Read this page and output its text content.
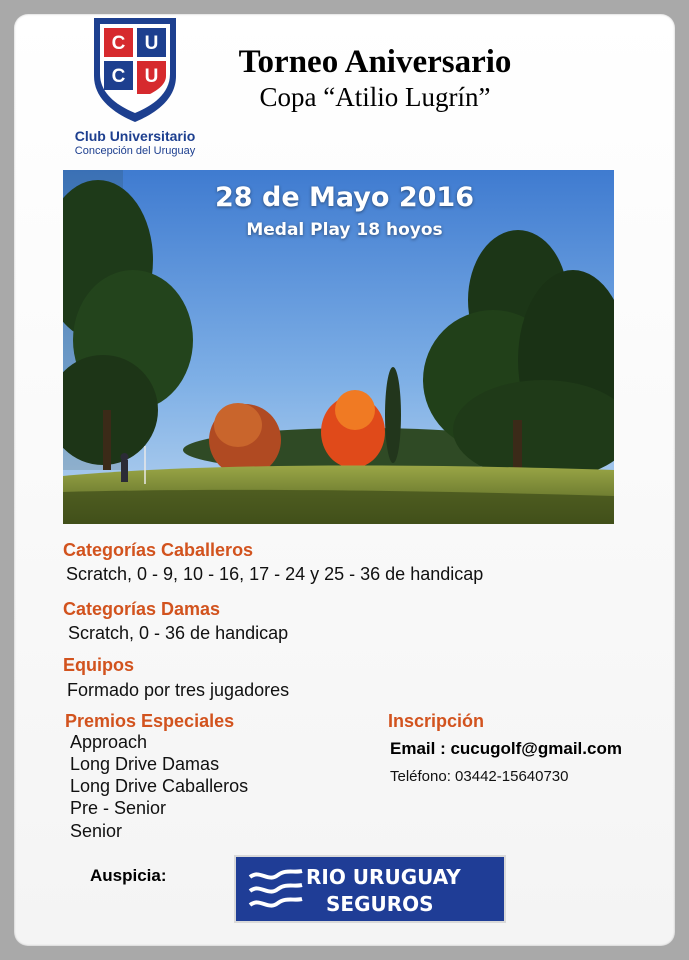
C U
C U
Club Universitario
Concepción del Uruguay
Torneo Aniversario
Copa “Atilio Lugrín”
28 de Mayo 2016
Medal Play 18 hoyos
Categorías Caballeros
Scratch, 0 - 9, 10 - 16, 17 - 24 y 25 - 36 de handicap
Categorías Damas
Scratch, 0 - 36 de handicap
Equipos
Formado por tres jugadores
Premios Especiales
Approach
Long Drive Damas
Long Drive Caballeros
Pre - Senior
Senior
Inscripción
Email : cucugolf@gmail.com
Teléfono: 03442-15640730
Auspicia:	RIO URUGUAY
SEGUROS
